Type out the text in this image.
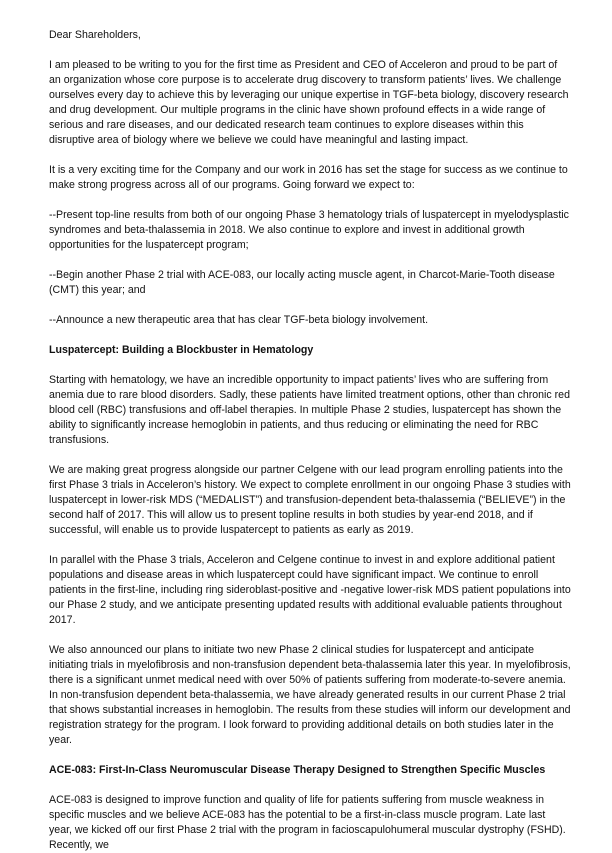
Dear Shareholders,

I am pleased to be writing to you for the first time as President and CEO of Acceleron and proud to be part of an organization whose core purpose is to accelerate drug discovery to transform patients’ lives. We challenge ourselves every day to achieve this by leveraging our unique expertise in TGF-beta biology, discovery research and drug development. Our multiple programs in the clinic have shown profound effects in a wide range of serious and rare diseases, and our dedicated research team continues to explore diseases within this disruptive area of biology where we believe we could have meaningful and lasting impact.

It is a very exciting time for the Company and our work in 2016 has set the stage for success as we continue to make strong progress across all of our programs. Going forward we expect to:

--Present top-line results from both of our ongoing Phase 3 hematology trials of luspatercept in myelodysplastic syndromes and beta-thalassemia in 2018. We also continue to explore and invest in additional growth opportunities for the luspatercept program;

--Begin another Phase 2 trial with ACE-083, our locally acting muscle agent, in Charcot-Marie-Tooth disease (CMT) this year; and

--Announce a new therapeutic area that has clear TGF-beta biology involvement.

Luspatercept: Building a Blockbuster in Hematology

Starting with hematology, we have an incredible opportunity to impact patients’ lives who are suffering from anemia due to rare blood disorders. Sadly, these patients have limited treatment options, other than chronic red blood cell (RBC) transfusions and off-label therapies. In multiple Phase 2 studies, luspatercept has shown the ability to significantly increase hemoglobin in patients, and thus reducing or eliminating the need for RBC transfusions.

We are making great progress alongside our partner Celgene with our lead program enrolling patients into the first Phase 3 trials in Acceleron’s history. We expect to complete enrollment in our ongoing Phase 3 studies with luspatercept in lower-risk MDS (“MEDALIST”) and transfusion-dependent beta-thalassemia (“BELIEVE”) in the second half of 2017. This will allow us to present topline results in both studies by year-end 2018, and if successful, will enable us to provide luspatercept to patients as early as 2019.

In parallel with the Phase 3 trials, Acceleron and Celgene continue to invest in and explore additional patient populations and disease areas in which luspatercept could have significant impact. We continue to enroll patients in the first-line, including ring sideroblast-positive and -negative lower-risk MDS patient populations into our Phase 2 study, and we anticipate presenting updated results with additional evaluable patients throughout 2017.

We also announced our plans to initiate two new Phase 2 clinical studies for luspatercept and anticipate initiating trials in myelofibrosis and non-transfusion dependent beta-thalassemia later this year. In myelofibrosis, there is a significant unmet medical need with over 50% of patients suffering from moderate-to-severe anemia. In non-transfusion dependent beta-thalassemia, we have already generated results in our current Phase 2 trial that shows substantial increases in hemoglobin. The results from these studies will inform our development and registration strategy for the program. I look forward to providing additional details on both studies later in the year.

ACE-083: First-In-Class Neuromuscular Disease Therapy Designed to Strengthen Specific Muscles

ACE-083 is designed to improve function and quality of life for patients suffering from muscle weakness in specific muscles and we believe ACE-083 has the potential to be a first-in-class muscle program. Late last year, we kicked off our first Phase 2 trial with the program in facioscapulohumeral muscular dystrophy (FSHD). Recently, we
